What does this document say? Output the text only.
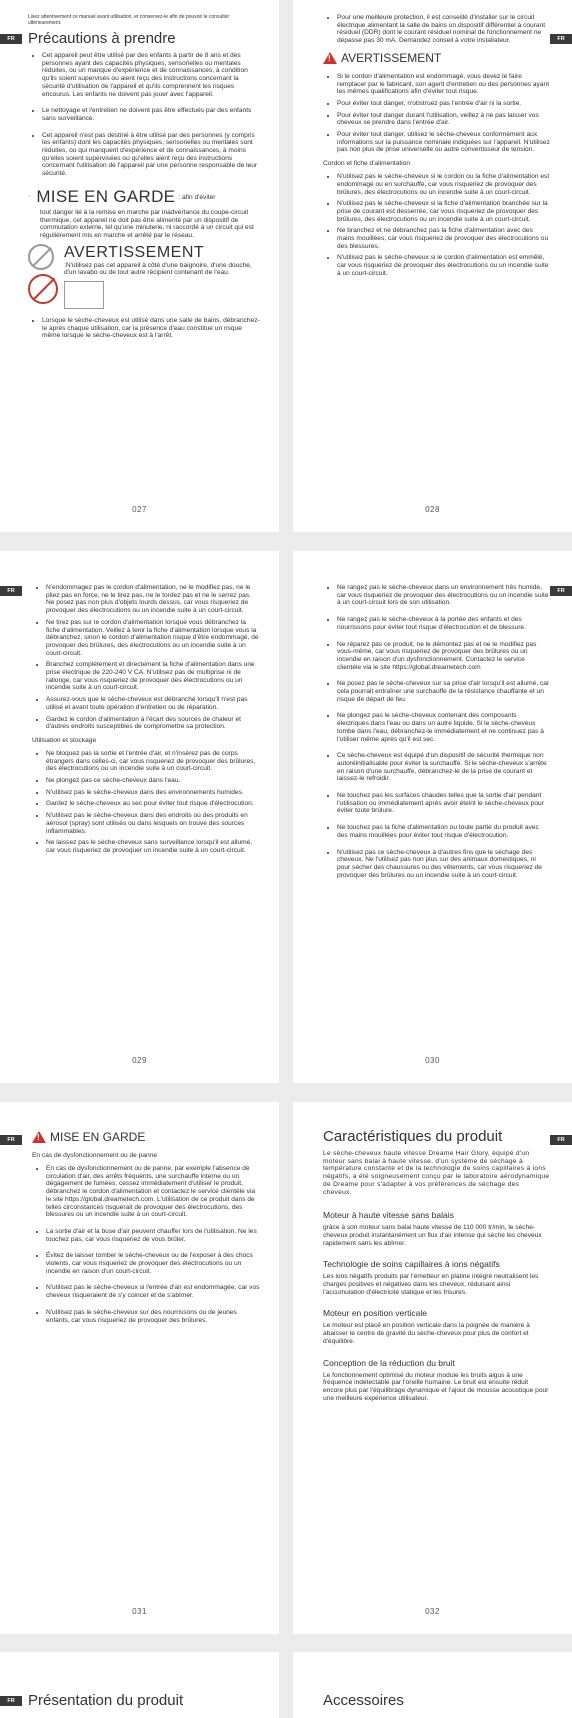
FR

Lisez attentivement ce manuel avant utilisation, et conservez-le afin de pouvoir le consulter ultérieurement.

Précautions à prendre
• Cet appareil peut être utilisé par des enfants à partir de 8 ans et des personnes ayant des capacités physiques, sensorielles ou mentales réduites, ou un manque d'expérience et de connaissances, à condition qu'ils soient supervisés ou aient reçu des instructions concernant la sécurité d'utilisation de l'appareil et qu'ils comprennent les risques encourus. Les enfants ne doivent pas jouer avec l'appareil.
• Le nettoyage et l'entretien ne doivent pas être effectués par des enfants sans surveillance.
• Cet appareil n'est pas destiné à être utilisé par des personnes (y compris les enfants) dont les capacités physiques, sensorielles ou mentales sont réduites, ou qui manquent d'expérience et de connaissances, à moins qu'elles soient supervisées ou qu'elles aient reçu des instructions concernant l'utilisation de l'appareil par une personne responsable de leur sécurité.
· MISE EN GARDE : afin d'éviter

tout danger lié à la remise en marche par inadvertance du coupe-circuit thermique, cet appareil ne doit pas être alimenté par un dispositif de commutation externe, tel qu'une minuterie, ni raccordé à un circuit qui est régulièrement mis en marche et arrêté par le réseau.

AVERTISSEMENT
:N'utilisez pas cet appareil à côté d'une baignoire, d'une douche, d'un lavabo ou de tout autre récipient contenant de l'eau.
• Lorsque le sèche-cheveux est utilisé dans une salle de bains, débranchez-le après chaque utilisation, car la présence d'eau constitue un risque même lorsque le sèche-cheveux est à l'arrêt.
027
FR
• Pour une meilleure protection, il est conseillé d'installer sur le circuit électrique alimentant la salle de bains un dispositif différentiel à courant résiduel (DDR) dont le courant résiduel nominal de fonctionnement ne dépasse pas 30 mA. Demandez conseil à votre installateur.
!
AVERTISSEMENT
• Si le cordon d'alimentation est endommagé, vous devez le faire remplacer par le fabricant, son agent d'entretien ou des personnes ayant les mêmes qualifications afin d'éviter tout risque.
• Pour éviter tout danger, n'obstruez pas l'entrée d'air ni la sortie.
• Pour éviter tout danger durant l'utilisation, veillez à ne pas laisser vos cheveux se prendre dans l'entrée d'air.
• Pour éviter tout danger, utilisez le sèche-cheveux conformément aux informations sur la puissance nominale indiquées sur l'appareil. N'utilisez pas non plus de prise universelle ou autre convertisseur de tension.
Cordon et fiche d'alimentation
• N'utilisez pas le sèche-cheveux si le cordon ou la fiche d'alimentation est endommagé ou en surchauffe, car vous risqueriez de provoquer des brûlures, des électrocutions ou un incendie suite à un court-circuit.
• N'utilisez pas le sèche-cheveux si la fiche d'alimentation branchée sur la prise de courant est desserrée, car vous risqueriez de provoquer des brûlures, des électrocutions ou un incendie suite à un court-circuit.
• Ne branchez et ne débranchez pas la fiche d'alimentation avec des mains mouillées, car vous risqueriez de provoquer des électrocutions ou des blessures.
• N'utilisez pas le sèche-cheveux si le cordon d'alimentation est emmêlé, car vous risqueriez de provoquer des électrocutions ou un incendie suite à un court-circuit.
028
FR	• N'endommagez pas le cordon d'alimentation, ne le modifiez pas, ne le pliez pas en force, ne le tirez pas, ne le tordez pas et ne le serrez pas. Ne posez pas non plus d'objets lourds dessus, car vous risqueriez de provoquer des électrocutions ou un incendie suite à un court-circuit.
• Ne tirez pas sur le cordon d'alimentation lorsque vous débranchez la fiche d'alimentation. Veillez à tenir la fiche d'alimentation lorsque vous la débranchez, sinon le cordon d'alimentation risque d'être endommagé, de provoquer des brûlures, des électrocutions ou un incendie suite à un court-circuit.
• Branchez complètement et directement la fiche d'alimentation dans une prise électrique de 220-240 V CA. N'utilisez pas de multiprise ni de rallonge, car vous risqueriez de provoquer des électrocutions ou un incendie suite à un court-circuit.
• Assurez-vous que le sèche-cheveux est débranché lorsqu'il n'est pas utilisé et avant toute opération d'entretien ou de réparation.
• Gardez le cordon d'alimentation à l'écart des sources de chaleur et d'autres endroits susceptibles de compromettre sa protection.
Utilisation et stockage
• Ne bloquez pas la sortie et l'entrée d'air, et n'insérez pas de corps étrangers dans celles-ci, car vous risqueriez de provoquer des brûlures, des électrocutions ou un incendie suite à un court-circuit.
• Ne plongez pas ce sèche-cheveux dans l'eau.
• N'utilisez pas le sèche-cheveux dans des environnements humides.
• Gardez le sèche-cheveux au sec pour éviter tout risque d'électrocution.
• N'utilisez pas le sèche-cheveux dans des endroits où des produits en aérosol (spray) sont utilisés ou dans lesquels on trouve des sources inflammables.
• Ne laissez pas le sèche-cheveux sans surveillance lorsqu'il est allumé, car vous risqueriez de provoquer un incendie suite à un court-circuit.
029
FR
• Ne rangez pas le sèche-cheveux dans un environnement très humide, car vous risqueriez de provoquer des électrocutions ou un incendie suite à un court-circuit lors de son utilisation.
• Ne rangez pas le sèche-cheveux à la portée des enfants et des nourrissons pour éviter tout risque d'électrocution et de blessure.
• Ne réparez pas ce produit, ne le démontez pas et ne le modifiez pas vous-même, car vous risqueriez de provoquer des brûlures ou un incendie en raison d'un dysfonctionnement. Contactez le service clientèle via le site https://global.dreametech.com
• Ne posez pas le sèche-cheveux sur sa prise d'air lorsqu'il est allumé, car cela pourrait entraîner une surchauffe de la résistance chauffante et un risque de départ de feu.
• Ne plongez pas le sèche-cheveux contenant des composants électriques dans l'eau ou dans un autre liquide. Si le sèche-cheveux tombe dans l'eau, débranchez-le immédiatement et ne continuez pas à l'utiliser même après qu'il est sec.
• Ce sèche-cheveux est équipé d'un dispositif de sécurité thermique non autoréinitialisable pour éviter la surchauffe. Si le sèche-cheveux s'arrête en raison d'une surchauffe, débranchez-le de la prise de courant et laissez-le refroidir.
• Ne touchez pas les surfaces chaudes telles que la sortie d'air pendant l'utilisation ou immédiatement après avoir éteint le sèche-cheveux pour éviter toute brûlure.
• Ne touchez pas la fiche d'alimentation ou toute partie du produit avec des mains mouillées pour éviter tout risque d'électrocution.
• N'utilisez pas ce sèche-cheveux à d'autres fins que le séchage des cheveux. Ne l'utilisez pas non plus sur des animaux domestiques, ni pour sécher des chaussures ou des vêtements, car vous risqueriez de provoquer des brûlures ou un incendie suite à un court-circuit.
030
FR !	MISE EN GARDE
En cas de dysfonctionnement ou de panne
• En cas de dysfonctionnement ou de panne, par exemple l'absence de circulation d'air, des arrêts fréquents, une surchauffe interne ou un dégagement de fumées, cessez immédiatement d'utiliser le produit, débranchez le cordon d'alimentation et contactez le service clientèle via le site https://global.dreametech.com. L'utilisation de ce produit dans de telles circonstances risquerait de provoquer des électrocutions, des blessures ou un incendie suite à un court-circuit.
• La sortie d'air et la buse d'air peuvent chauffer lors de l'utilisation. Ne les touchez pas, car vous risqueriez de vous brûler.
• Évitez de laisser tomber le sèche-cheveux ou de l'exposer à des chocs violents, car vous risqueriez de provoquer des électrocutions ou un incendie en raison d'un court-circuit.
• N'utilisez pas le sèche-cheveux si l'entrée d'air est endommagée, car vos cheveux risqueraient de s'y coincer et de s'abîmer.
• N'utilisez pas le sèche-cheveux sur des nourrissons ou de jeunes enfants, car vous risqueriez de provoquer des brûlures.
031
FR
Caractéristiques du produit

Le sèche-cheveux haute vitesse Dreame Hair Glory, équipé d'un moteur sans balai à haute vitesse, d'un système de séchage à température constante et de la technologie de soins capillaires à ions négatifs, a été soigneusement conçu par le laboratoire aérodynamique de Dreame pour s'adapter à vos préférences de séchage des cheveux.

Moteur à haute vitesse sans balais

grâce à son moteur sans balai haute vitesse de 110 000 tr/min, le sèche-cheveux produit instantanément un flux d'air intense qui sèche les cheveux rapidement sans les abîmer.

Technologie de soins capillaires à ions négatifs

Les ions négatifs produits par l'émetteur en platine intégré neutralisent les charges positives et négatives dans les cheveux, réduisant ainsi l'accumulation d'électricité statique et les frisures.

Moteur en position verticale

Le moteur est placé en position verticale dans la poignée de manière à abaisser le centre de gravité du sèche-cheveux pour plus de confort et d'équilibre.

Conception de la réduction du bruit

Le fonctionnement optimisé du moteur module les bruits aigus à une fréquence indétectable par l'oreille humaine. Le bruit est ensuite réduit encore plus par l'équilibrage dynamique et l'ajout de mousse acoustique pour une meilleure expérience utilisateur.

032
FR Présentation du produit	Accessoires
